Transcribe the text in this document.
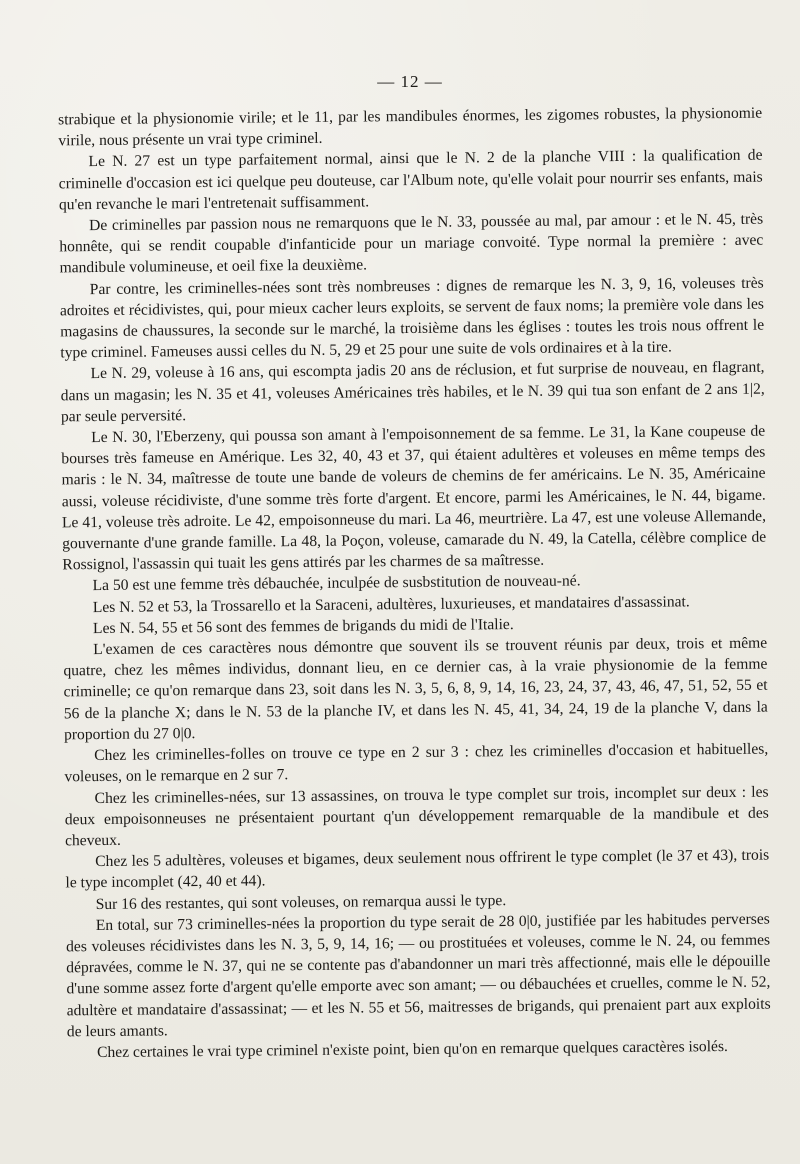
— 12 —

strabique et la physionomie virile; et le 11, par les mandibules énormes, les zigomes robustes, la physionomie virile, nous présente un vrai type criminel.

Le N. 27 est un type parfaitement normal, ainsi que le N. 2 de la planche VIII : la qualification de criminelle d'occasion est ici quelque peu douteuse, car l'Album note, qu'elle volait pour nourrir ses enfants, mais qu'en revanche le mari l'entretenait suffisamment.

De criminelles par passion nous ne remarquons que le N. 33, poussée au mal, par amour : et le N. 45, très honnête, qui se rendit coupable d'infanticide pour un mariage convoité. Type normal la première : avec mandibule volumineuse, et oeil fixe la deuxième.

Par contre, les criminelles-nées sont très nombreuses : dignes de remarque les N. 3, 9, 16, voleuses très adroites et récidivistes, qui, pour mieux cacher leurs exploits, se servent de faux noms; la première vole dans les magasins de chaussures, la seconde sur le marché, la troisième dans les églises : toutes les trois nous offrent le type criminel. Fameuses aussi celles du N. 5, 29 et 25 pour une suite de vols ordinaires et à la tire.

Le N. 29, voleuse à 16 ans, qui escompta jadis 20 ans de réclusion, et fut surprise de nouveau, en flagrant, dans un magasin; les N. 35 et 41, voleuses Américaines très habiles, et le N. 39 qui tua son enfant de 2 ans 1|2, par seule perversité.

Le N. 30, l'Eberzeny, qui poussa son amant à l'empoisonnement de sa femme. Le 31, la Kane coupeuse de bourses très fameuse en Amérique. Les 32, 40, 43 et 37, qui étaient adultères et voleuses en même temps des maris : le N. 34, maîtresse de toute une bande de voleurs de chemins de fer américains. Le N. 35, Américaine aussi, voleuse récidiviste, d'une somme très forte d'argent. Et encore, parmi les Américaines, le N. 44, bigame. Le 41, voleuse très adroite. Le 42, empoisonneuse du mari. La 46, meurtrière. La 47, est une voleuse Allemande, gouvernante d'une grande famille. La 48, la Poçon, voleuse, camarade du N. 49, la Catella, célèbre complice de Rossignol, l'assassin qui tuait les gens attirés par les charmes de sa maîtresse.

La 50 est une femme très débauchée, inculpée de susbstitution de nouveau-né.

Les N. 52 et 53, la Trossarello et la Saraceni, adultères, luxurieuses, et mandataires d'assassinat.

Les N. 54, 55 et 56 sont des femmes de brigands du midi de l'Italie.

L'examen de ces caractères nous démontre que souvent ils se trouvent réunis par deux, trois et même quatre, chez les mêmes individus, donnant lieu, en ce dernier cas, à la vraie physionomie de la femme criminelle; ce qu'on remarque dans 23, soit dans les N. 3, 5, 6, 8, 9, 14, 16, 23, 24, 37, 43, 46, 47, 51, 52, 55 et 56 de la planche X; dans le N. 53 de la planche IV, et dans les N. 45, 41, 34, 24, 19 de la planche V, dans la proportion du 27 0|0.

Chez les criminelles-folles on trouve ce type en 2 sur 3 : chez les criminelles d'occasion et habituelles, voleuses, on le remarque en 2 sur 7.

Chez les criminelles-nées, sur 13 assassines, on trouva le type complet sur trois, incomplet sur deux : les deux empoisonneuses ne présentaient pourtant q'un développement remarquable de la mandibule et des cheveux.

Chez les 5 adultères, voleuses et bigames, deux seulement nous offrirent le type complet (le 37 et 43), trois le type incomplet (42, 40 et 44).

Sur 16 des restantes, qui sont voleuses, on remarqua aussi le type.

En total, sur 73 criminelles-nées la proportion du type serait de 28 0|0, justifiée par les habitudes perverses des voleuses récidivistes dans les N. 3, 5, 9, 14, 16; — ou prostituées et voleuses, comme le N. 24, ou femmes dépravées, comme le N. 37, qui ne se contente pas d'abandonner un mari très affectionné, mais elle le dépouille d'une somme assez forte d'argent qu'elle emporte avec son amant; — ou débauchées et cruelles, comme le N. 52, adultère et mandataire d'assassinat; — et les N. 55 et 56, maitresses de brigands, qui prenaient part aux exploits de leurs amants.

Chez certaines le vrai type criminel n'existe point, bien qu'on en remarque quelques caractères isolés.
